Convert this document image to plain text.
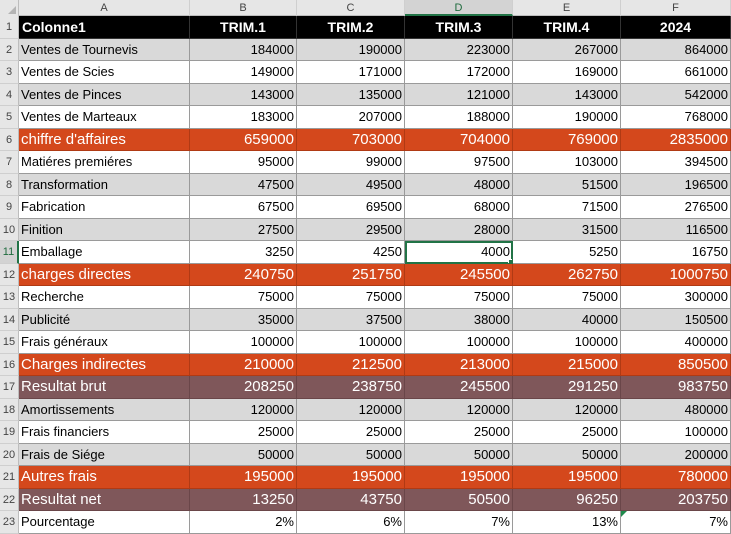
A	B	C	D	E	F
1 Colonne1	TRIM.1	TRIM.2	TRIM.3	TRIM.4	2024
2 Ventes de Tournevis	184000	190000	223000	267000	864000
3 Ventes de Scies	149000	171000	172000	169000	661000
4 Ventes de Pinces	143000	135000	121000	143000	542000
5 Ventes de Marteaux	183000	207000	188000	190000	768000
6 chiffre d'affaires	659000	703000	704000	769000	2835000
7 Matiéres premiéres	95000	99000	97500	103000	394500
8 Transformation	47500	49500	48000	51500	196500
9 Fabrication	67500	69500	68000	71500	276500
10 Finition	27500	29500	28000	31500	116500
11 Emballage	3250	4250	4000	5250	16750
12 charges directes	240750	251750	245500	262750	1000750
13 Recherche	75000	75000	75000	75000	300000
14 Publicité	35000	37500	38000	40000	150500
15 Frais généraux	100000	100000	100000	100000	400000
16 Charges indirectes	210000	212500	213000	215000	850500
17 Resultat brut	208250	238750	245500	291250	983750
18 Amortissements	120000	120000	120000	120000	480000
19 Frais financiers	25000	25000	25000	25000	100000
20 Frais de Siége	50000	50000	50000	50000	200000
21 Autres frais	195000	195000	195000	195000	780000
22 Resultat net	13250	43750	50500	96250	203750
23 Pourcentage	2%	6%	7%	13%	7%
